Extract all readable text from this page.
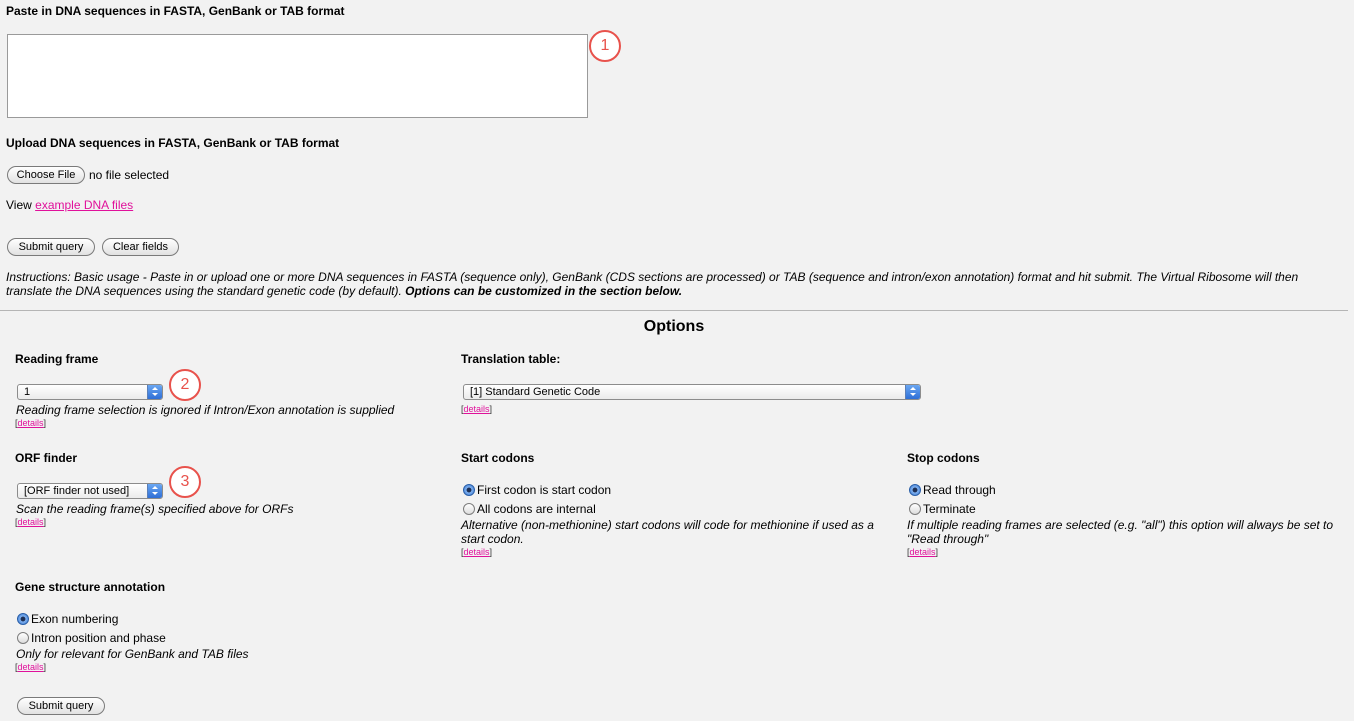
Paste in DNA sequences in FASTA, GenBank or TAB format
1
Upload DNA sequences in FASTA, GenBank or TAB format
Choose File	no file selected
View example DNA files
Submit query	Clear fields
Instructions: Basic usage - Paste in or upload one or more DNA sequences in FASTA (sequence only), GenBank (CDS sections are processed) or TAB (sequence and intron/exon annotation) format and hit submit. The Virtual Ribosome will then translate the DNA sequences using the standard genetic code (by default). Options can be customized in the section below.
Options
Reading frame
1	2
Reading frame selection is ignored if Intron/Exon annotation is supplied
[details]
Translation table:
[1] Standard Genetic Code
[details]
ORF finder
[ORF finder not used]
3
Scan the reading frame(s) specified above for ORFs
[details]
Start codons
First codon is start codon
All codons are internal
Alternative (non-methionine) start codons will code for methionine if used as a start codon.
[details]
Stop codons
Read through
Terminate
If multiple reading frames are selected (e.g. "all") this option will always be set to "Read through"
[details]
Gene structure annotation
Exon numbering
Intron position and phase
Only for relevant for GenBank and TAB files
[details]
Submit query
